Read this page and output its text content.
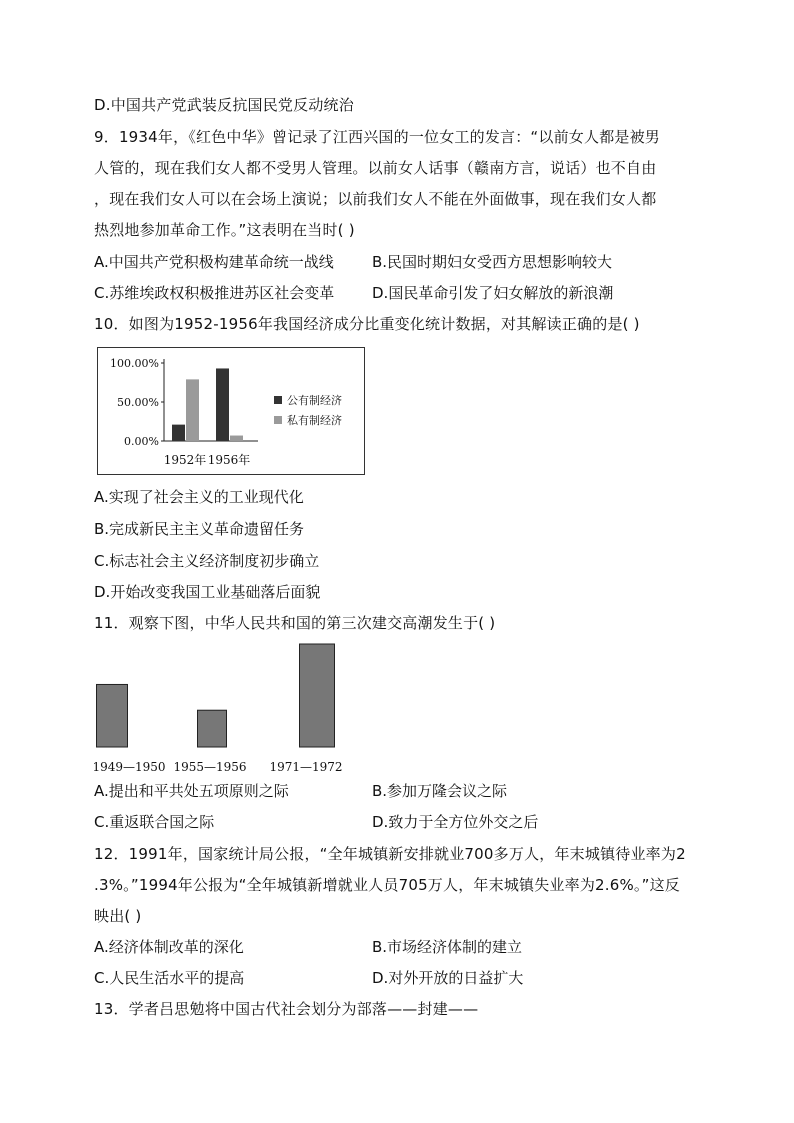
D.中国共产党武装反抗国民党反动统治
9．1934年，《红色中华》曾记录了江西兴国的一位女工的发言：“以前女人都是被男
人管的，现在我们女人都不受男人管理。以前女人话事（赣南方言，说话）也不自由
，现在我们女人可以在会场上演说；以前我们女人不能在外面做事，现在我们女人都
热烈地参加革命工作。”这表明在当时( )
A.中国共产党积极构建革命统一战线	B.民国时期妇女受西方思想影响较大
C.苏维埃政权积极推进苏区社会变革	D.国民革命引发了妇女解放的新浪潮
10．如图为1952-1956年我国经济成分比重变化统计数据，对其解读正确的是( )
0.00%
50.00%
100.00%
1952年 1956年
公有制经济
私有制经济
A.实现了社会主义的工业现代化
B.完成新民主主义革命遗留任务
C.标志社会主义经济制度初步确立
D.开始改变我国工业基础落后面貌
11．观察下图，中华人民共和国的第三次建交高潮发生于( )
1949—1950 1955—1956 1971—1972
A.提出和平共处五项原则之际	B.参加万隆会议之际
C.重返联合国之际	D.致力于全方位外交之后
12．1991年，国家统计局公报，“全年城镇新安排就业700多万人，年末城镇待业率为2
.3%。”1994年公报为“全年城镇新增就业人员705万人，年末城镇失业率为2.6%。”这反
映出( )
A.经济体制改革的深化	B.市场经济体制的建立
C.人民生活水平的提高	D.对外开放的日益扩大
13．学者吕思勉将中国古代社会划分为部落——封建——
